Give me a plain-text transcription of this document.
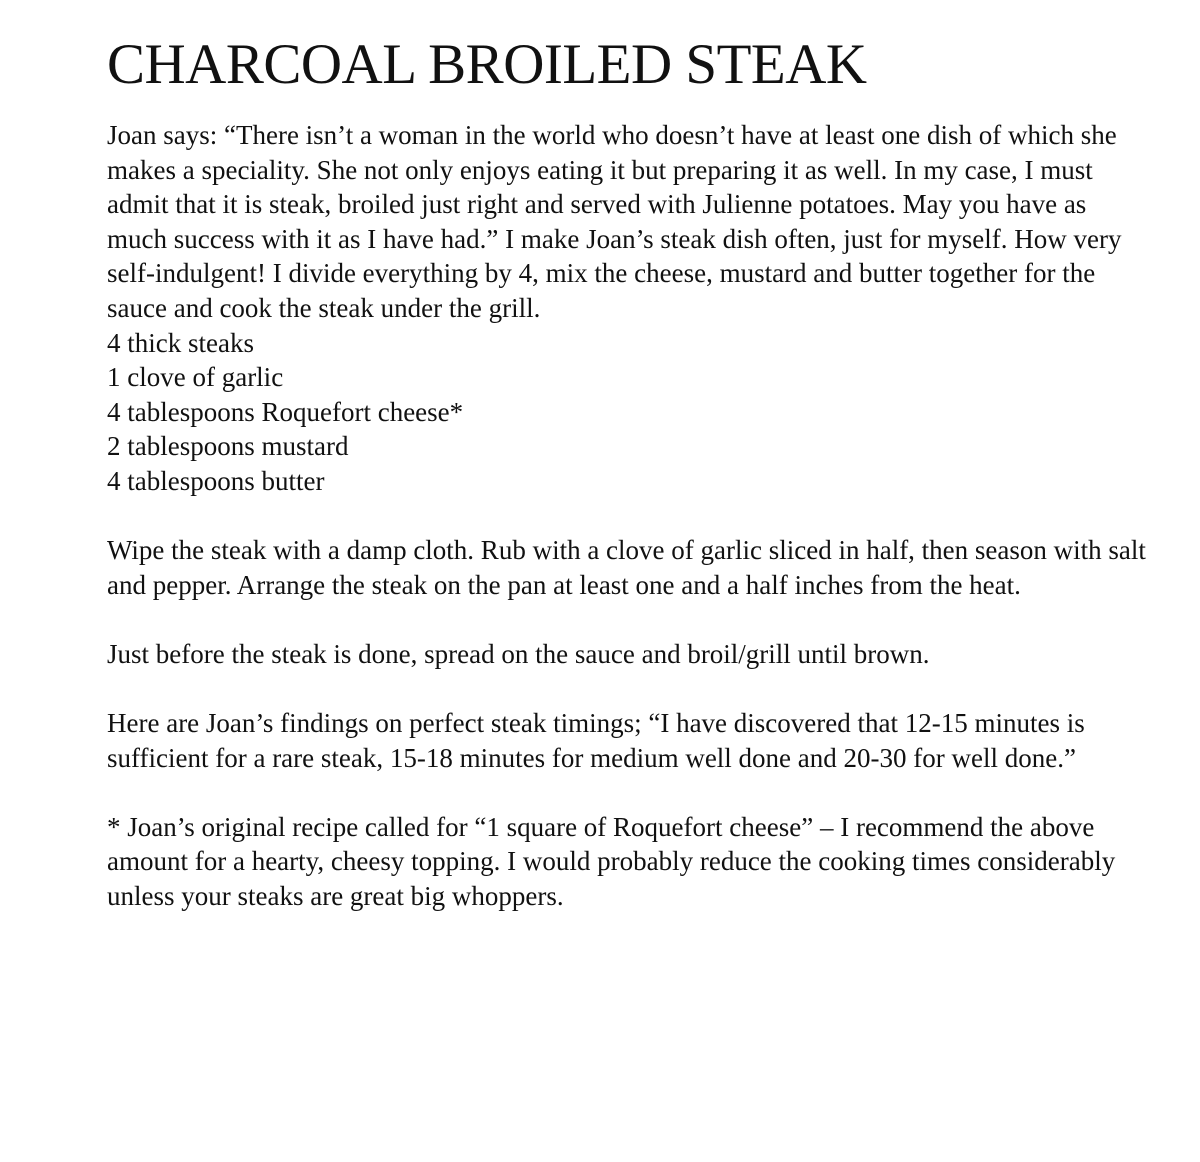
CHARCOAL BROILED STEAK

Joan says: “There isn’t a woman in the world who doesn’t have at least one dish of which she makes a speciality. She not only enjoys eating it but preparing it as well. In my case, I must admit that it is steak, broiled just right and served with Julienne potatoes. May you have as much success with it as I have had.” I make Joan’s steak dish often, just for myself. How very self-indulgent! I divide everything by 4, mix the cheese, mustard and butter together for the sauce and cook the steak under the grill.

4 thick steaks
1 clove of garlic
4 tablespoons Roquefort cheese*
2 tablespoons mustard
4 tablespoons butter

Wipe the steak with a damp cloth. Rub with a clove of garlic sliced in half, then season with salt and pepper. Arrange the steak on the pan at least one and a half inches from the heat.

Just before the steak is done, spread on the sauce and broil/grill until brown.

Here are Joan’s findings on perfect steak timings; “I have discovered that 12-15 minutes is sufficient for a rare steak, 15-18 minutes for medium well done and 20-30 for well done.”

* Joan’s original recipe called for “1 square of Roquefort cheese” – I recommend the above amount for a hearty, cheesy topping. I would probably reduce the cooking times considerably unless your steaks are great big whoppers.
